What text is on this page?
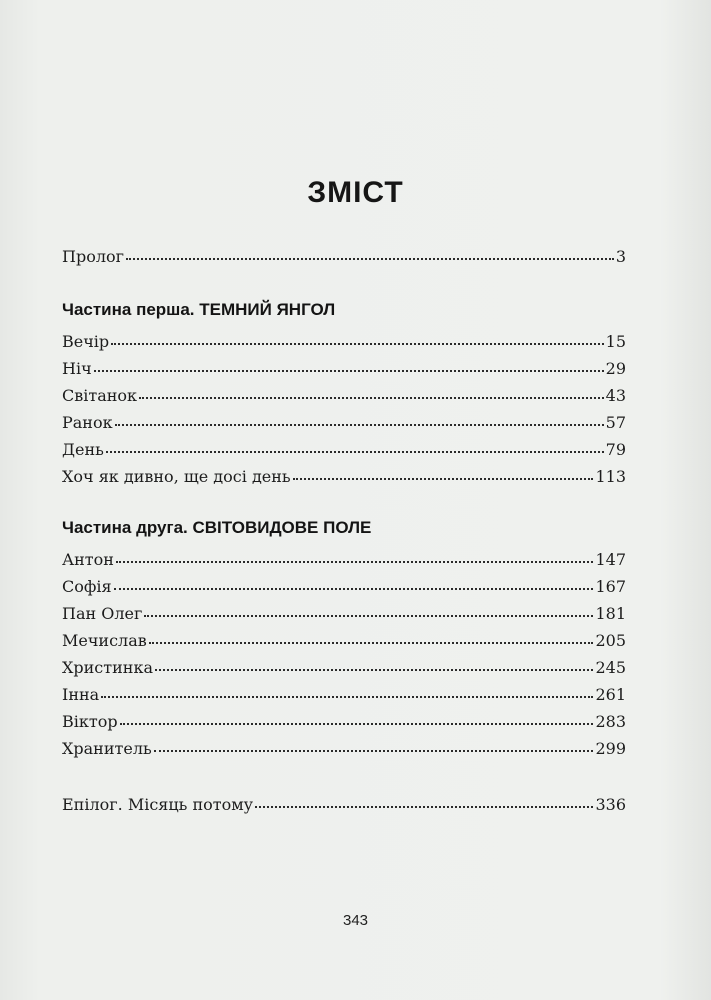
ЗМІСТ
Пролог	3
Частина перша. ТЕМНИЙ ЯНГОЛ
Вечір	15
Ніч	29
Світанок	43
Ранок	57
День	79
Хоч як дивно, ще досі день	113
Частина друга. СВІТОВИДОВЕ ПОЛЕ
Антон	147
Софія	167
Пан Олег	181
Мечислав	205
Христинка	245
Інна	261
Віктор	283
Хранитель	299
Епілог. Місяць потому	336
343
